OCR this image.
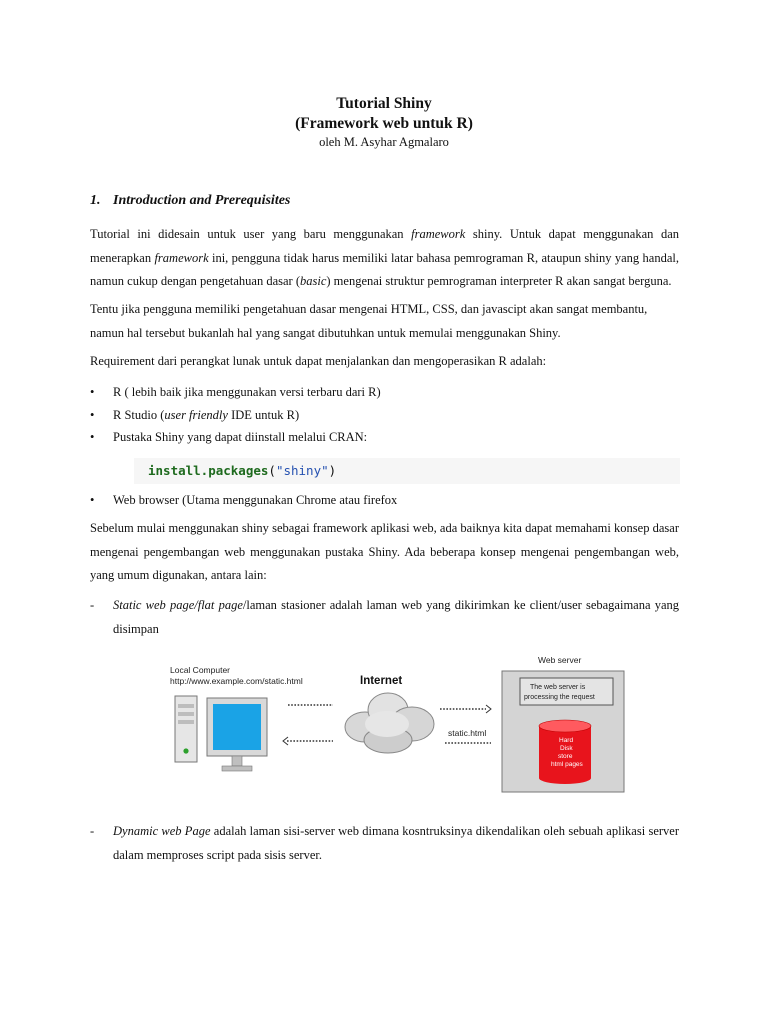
Tutorial Shiny
(Framework web untuk R)
oleh M. Asyhar Agmalaro
1. Introduction and Prerequisites
Tutorial ini didesain untuk user yang baru menggunakan framework shiny. Untuk dapat menggunakan dan menerapkan framework ini, pengguna tidak harus memiliki latar bahasa pemrograman R, ataupun shiny yang handal, namun cukup dengan pengetahuan dasar (basic) mengenai struktur pemrograman interpreter R akan sangat berguna.
Tentu jika pengguna memiliki pengetahuan dasar mengenai HTML, CSS, dan javascipt akan sangat membantu, namun hal tersebut bukanlah hal yang sangat dibutuhkan untuk memulai menggunakan Shiny.
Requirement dari perangkat lunak untuk dapat menjalankan dan mengoperasikan R adalah:
• R ( lebih baik jika menggunakan versi terbaru dari R)
• R Studio (user friendly IDE untuk R)
• Pustaka Shiny yang dapat diinstall melalui CRAN:
install.packages("shiny")
• Web browser (Utama menggunakan Chrome atau firefox
Sebelum mulai menggunakan shiny sebagai framework aplikasi web, ada baiknya kita dapat memahami konsep dasar mengenai pengembangan web menggunakan pustaka Shiny. Ada beberapa konsep mengenai pengembangan web, yang umum digunakan, antara lain:
- Static web page/flat page/laman stasioner adalah laman web yang dikirimkan ke client/user sebagaimana yang disimpan
Local Computer
http://www.example.com/static.html	Internet
static.html
Web server
The web server is
processing the request
Hard
Disk
store
html pages
- Dynamic web Page adalah laman sisi-server web dimana kosntruksinya dikendalikan oleh sebuah aplikasi server dalam memproses script pada sisis server.
